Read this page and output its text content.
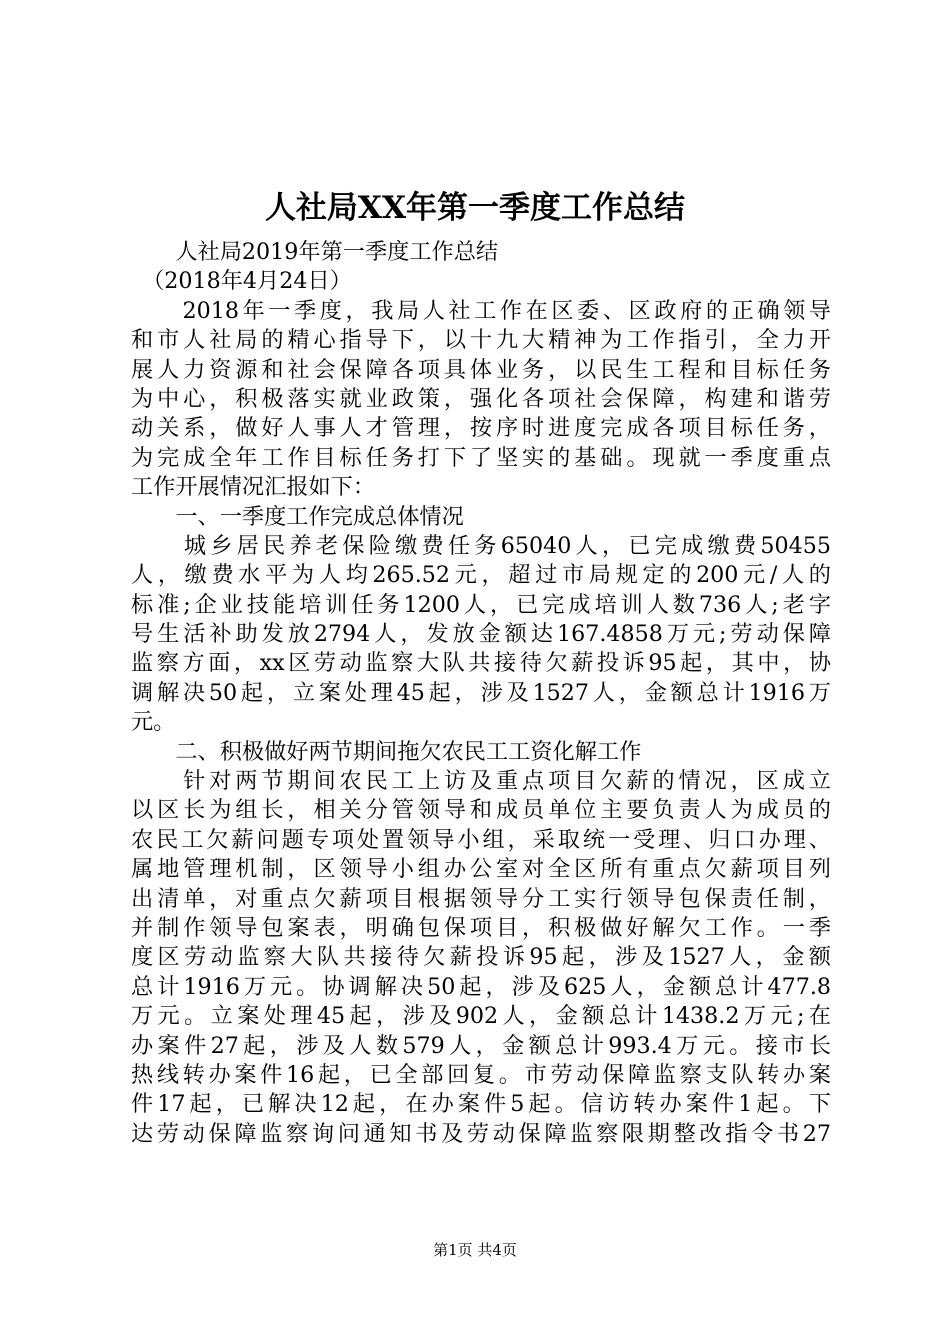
人社局XX年第一季度工作总结
　　人社局2019年第一季度工作总结
　（2018年4月24日）
　　2018年一季度，我局人社工作在区委、区政府的正确领导
和市人社局的精心指导下，以十九大精神为工作指引，全力开
展人力资源和社会保障各项具体业务，以民生工程和目标任务
为中心，积极落实就业政策，强化各项社会保障，构建和谐劳
动关系，做好人事人才管理，按序时进度完成各项目标任务，
为完成全年工作目标任务打下了坚实的基础。现就一季度重点
工作开展情况汇报如下：
　　一、一季度工作完成总体情况
　　城乡居民养老保险缴费任务65040人，已完成缴费50455
人，缴费水平为人均265.52元，超过市局规定的200元/人的
标准;企业技能培训任务1200人，已完成培训人数736人;老字
号生活补助发放2794人，发放金额达167.4858万元;劳动保障
监察方面，xx区劳动监察大队共接待欠薪投诉95起，其中，协
调解决50起，立案处理45起，涉及1527人，金额总计1916万
元。
　　二、积极做好两节期间拖欠农民工工资化解工作
　　针对两节期间农民工上访及重点项目欠薪的情况，区成立
以区长为组长，相关分管领导和成员单位主要负责人为成员的
农民工欠薪问题专项处置领导小组，采取统一受理、归口办理、
属地管理机制，区领导小组办公室对全区所有重点欠薪项目列
出清单，对重点欠薪项目根据领导分工实行领导包保责任制，
并制作领导包案表，明确包保项目，积极做好解欠工作。一季
度区劳动监察大队共接待欠薪投诉95起，涉及1527人，金额
总计1916万元。协调解决50起，涉及625人，金额总计477.8
万元。立案处理45起，涉及902人，金额总计1438.2万元;在
办案件27起，涉及人数579人，金额总计993.4万元。接市长
热线转办案件16起，已全部回复。市劳动保障监察支队转办案
件17起，已解决12起，在办案件5起。信访转办案件1起。下
达劳动保障监察询问通知书及劳动保障监察限期整改指令书27
第1页 共4页
